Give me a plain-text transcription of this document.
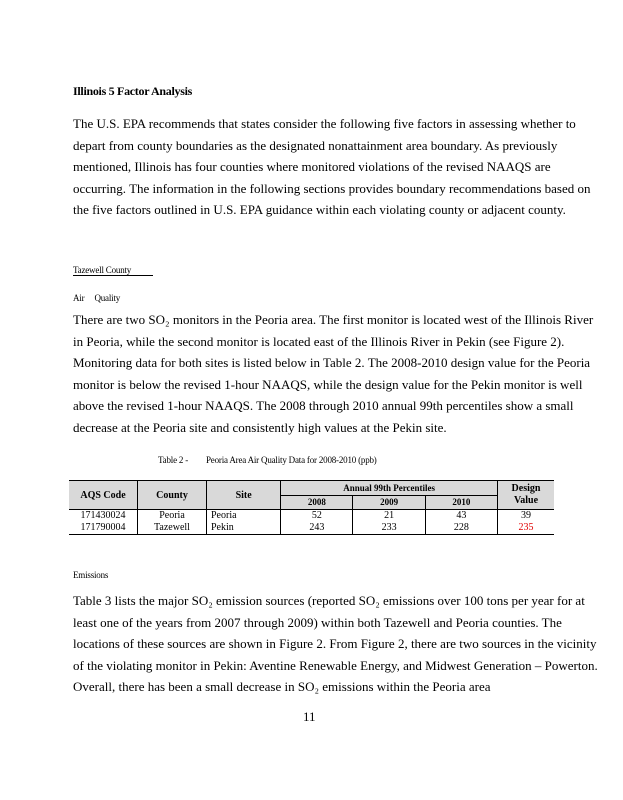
Illinois 5 Factor Analysis
The U.S. EPA recommends that states consider the following five factors in assessing whether to depart from county boundaries as the designated nonattainment area boundary. As previously mentioned, Illinois has four counties where monitored violations of the revised NAAQS are occurring. The information in the following sections provides boundary recommendations based on the five factors outlined in U.S. EPA guidance within each violating county or adjacent county.
Tazewell County
Air Quality
There are two SO₂ monitors in the Peoria area. The first monitor is located west of the Illinois River in Peoria, while the second monitor is located east of the Illinois River in Pekin (see Figure 2). Monitoring data for both sites is listed below in Table 2. The 2008-2010 design value for the Peoria monitor is below the revised 1-hour NAAQS, while the design value for the Pekin monitor is well above the revised 1-hour NAAQS. The 2008 through 2010 annual 99th percentiles show a small decrease at the Peoria site and consistently high values at the Pekin site.
Table 2 - Peoria Area Air Quality Data for 2008-2010 (ppb)
AQS Code	County	Site	Annual 99th Percentiles			Design
Value
			2008	2009	2010	
171430024	Peoria	Peoria	52	21	43	39
171790004	Tazewell	Pekin	243	233	228	235
Emissions
Table 3 lists the major SO₂ emission sources (reported SO₂ emissions over 100 tons per year for at least one of the years from 2007 through 2009) within both Tazewell and Peoria counties. The locations of these sources are shown in Figure 2. From Figure 2, there are two sources in the vicinity of the violating monitor in Pekin: Aventine Renewable Energy, and Midwest Generation – Powerton. Overall, there has been a small decrease in SO₂ emissions within the Peoria area
11
